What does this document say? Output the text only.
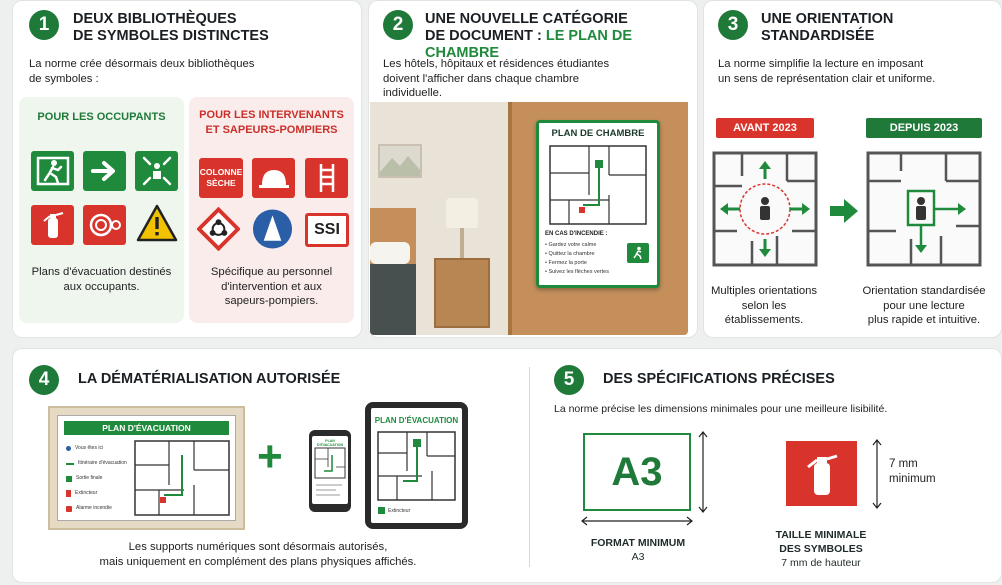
1	DEUX BIBLIOTHÈQUES
DE SYMBOLES DISTINCTES
La norme crée désormais deux bibliothèques
de symboles :
POUR LES OCCUPANTS
Plans d'évacuation destinés
aux occupants.
POUR LES INTERVENANTS
ET SAPEURS-POMPIERS
COLONNE
SÈCHE
SSI
Spécifique au personnel
d'intervention et aux
sapeurs-pompiers.
2	UNE NOUVELLE CATÉGORIE
DE DOCUMENT : LE PLAN DE CHAMBRE
Les hôtels, hôpitaux et résidences étudiantes
doivent l'afficher dans chaque chambre
individuelle.
PLAN DE CHAMBRE
EN CAS D'INCENDIE :
• Gardez votre calme
• Quittez la chambre
• Fermez la porte
• Suivez les flèches vertes
3	UNE ORIENTATION
STANDARDISÉE
La norme simplifie la lecture en imposant
un sens de représentation clair et uniforme.
AVANT 2023	DEPUIS 2023
Multiples orientations
selon les établissements.
Orientation standardisée
pour une lecture
plus rapide et intuitive.
4	LA DÉMATÉRIALISATION AUTORISÉE
PLAN D'ÉVACUATION
Vous êtes ici
Itinéraire d'évacuation
Sortie finale
Extincteur
Alarme incendie
+	PLAN D'ÉVACUATION
PLAN D'ÉVACUATION
Extincteur
Les supports numériques sont désormais autorisés,
mais uniquement en complément des plans physiques affichés.
5	DES SPÉCIFICATIONS PRÉCISES
La norme précise les dimensions minimales pour une meilleure lisibilité.
A3
FORMAT MINIMUM
A3
7 mm
minimum
TAILLE MINIMALE
DES SYMBOLES
7 mm de hauteur
